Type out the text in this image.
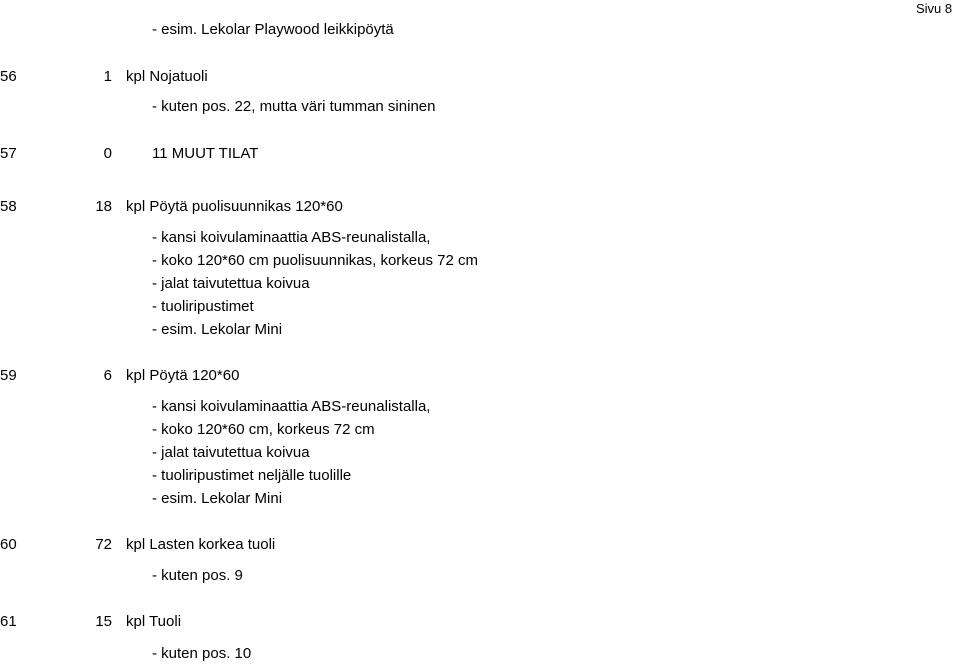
Sivu 8
- esim. Lekolar Playwood leikkipöytä
56	1 kpl Nojatuoli
- kuten pos. 22, mutta väri tumman sininen
57	0	11 MUUT TILAT
58	18 kpl Pöytä puolisuunnikas 120*60
- kansi koivulaminaattia ABS-reunalistalla,
- koko 120*60 cm puolisuunnikas, korkeus 72 cm
- jalat taivutettua koivua
- tuoliripustimet
- esim. Lekolar Mini
59	6 kpl Pöytä 120*60
- kansi koivulaminaattia ABS-reunalistalla,
- koko 120*60 cm, korkeus 72 cm
- jalat taivutettua koivua
- tuoliripustimet neljälle tuolille
- esim. Lekolar Mini
60	72 kpl Lasten korkea tuoli
- kuten pos. 9
61	15 kpl Tuoli
- kuten pos. 10
